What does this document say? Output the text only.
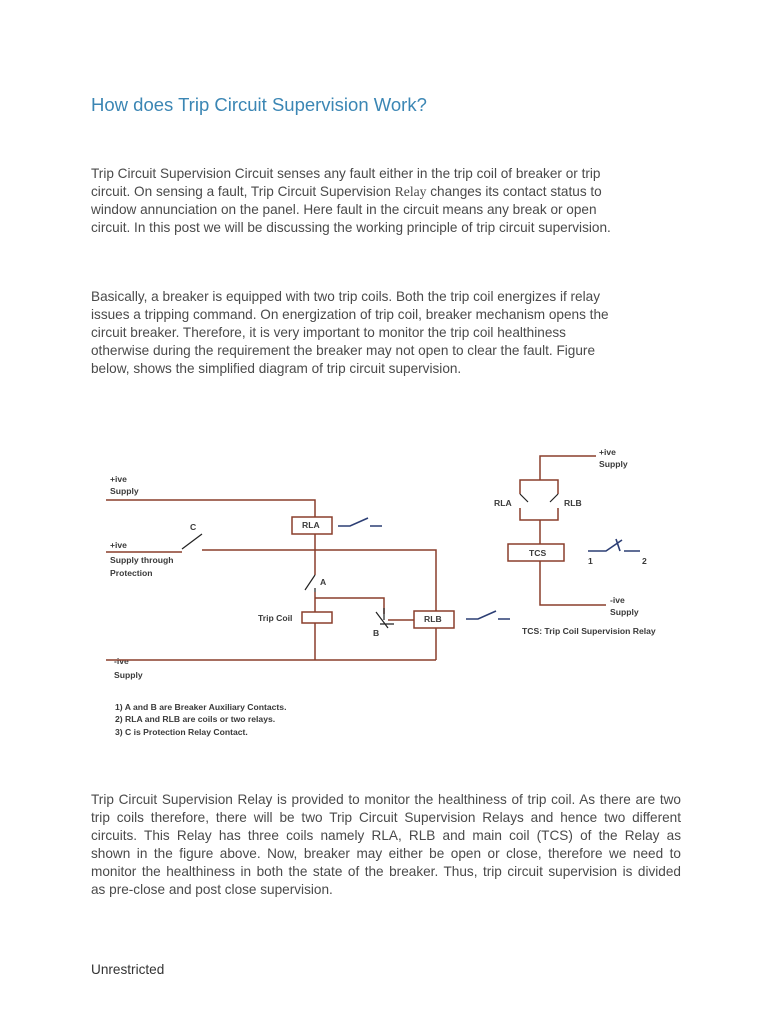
How does Trip Circuit Supervision Work?

Trip Circuit Supervision Circuit senses any fault either in the trip coil of breaker or trip
circuit. On sensing a fault, Trip Circuit Supervision Relay changes its contact status to
window annunciation on the panel. Here fault in the circuit means any break or open
circuit. In this post we will be discussing the working principle of trip circuit supervision.

Basically, a breaker is equipped with two trip coils. Both the trip coil energizes if relay
issues a tripping command. On energization of trip coil, breaker mechanism opens the
circuit breaker. Therefore, it is very important to monitor the trip coil healthiness
otherwise during the requirement the breaker may not open to clear the fault. Figure
below, shows the simplified diagram of trip circuit supervision.

+ive
Supply
RLA
C
+ive
Supply through
Protection
A
Trip Coil
B
RLB
-ive
Supply
1) A and B are Breaker Auxiliary Contacts.
2) RLA and RLB are coils or two relays.
3) C is Protection Relay Contact.
+ive
Supply
RLA	RLB
TCS
1	2
-ive
Supply
TCS: Trip Coil Supervision Relay

Trip Circuit Supervision Relay is provided to monitor the healthiness of trip coil. As there are two
trip coils therefore, there will be two Trip Circuit Supervision Relays and hence two different
circuits. This Relay has three coils namely RLA, RLB and main coil (TCS) of the Relay as
shown in the figure above. Now, breaker may either be open or close, therefore we need to
monitor the healthiness in both the state of the breaker. Thus, trip circuit supervision is divided
as pre-close and post close supervision.

Unrestricted
